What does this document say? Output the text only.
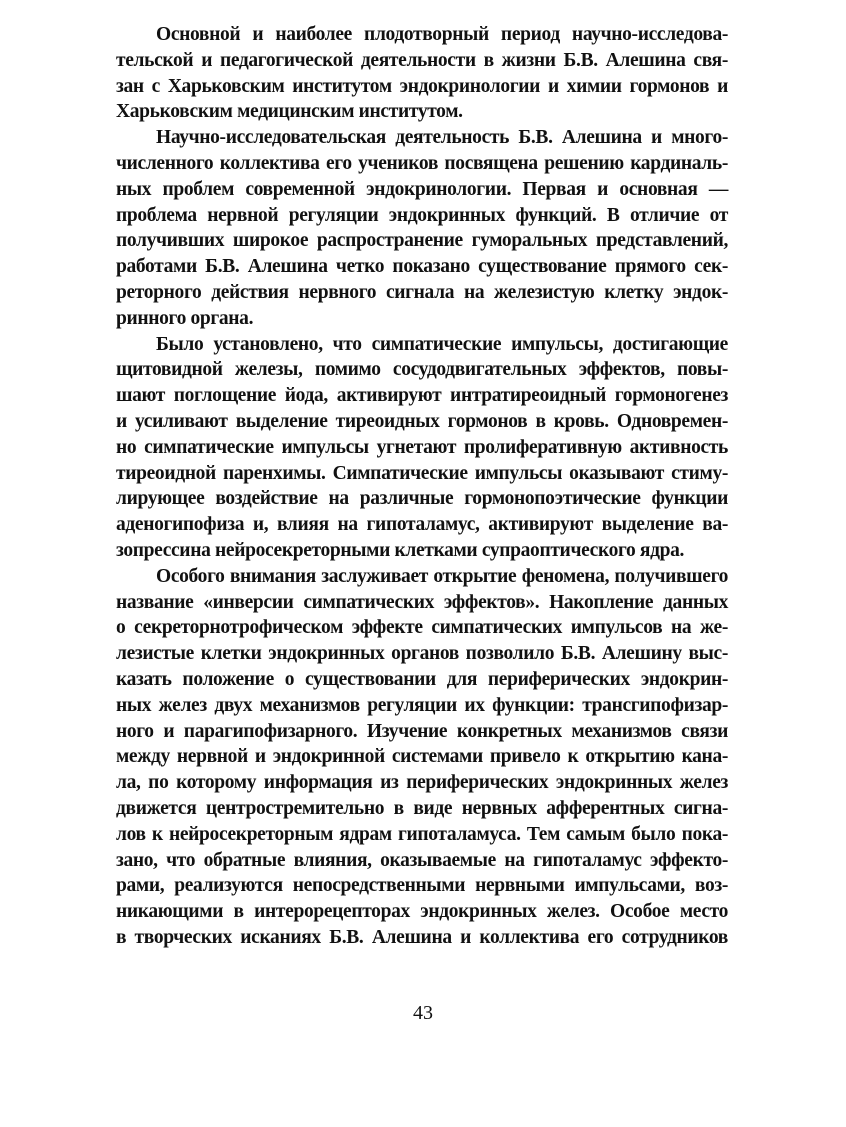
Основной и наиболее плодотворный период научно-исследова-
тельской и педагогической деятельности в жизни Б.В. Алешина свя-
зан с Харьковским институтом эндокринологии и химии гормонов и
Харьковским медицинским институтом.

Научно-исследовательская деятельность Б.В. Алешина и много-
численного коллектива его учеников посвящена решению кардиналь-
ных проблем современной эндокринологии. Первая и основная —
проблема нервной регуляции эндокринных функций. В отличие от
получивших широкое распространение гуморальных представлений,
работами Б.В. Алешина четко показано существование прямого сек-
реторного действия нервного сигнала на железистую клетку эндок-
ринного органа.

Было установлено, что симпатические импульсы, достигающие
щитовидной железы, помимо сосудодвигательных эффектов, повы-
шают поглощение йода, активируют интратиреоидный гормоногенез
и усиливают выделение тиреоидных гормонов в кровь. Одновремен-
но симпатические импульсы угнетают пролиферативную активность
тиреоидной паренхимы. Симпатические импульсы оказывают стиму-
лирующее воздействие на различные гормонопоэтические функции
аденогипофиза и, влияя на гипоталамус, активируют выделение ва-
зопрессина нейросекреторными клетками супраоптического ядра.

Особого внимания заслуживает открытие феномена, получившего
название «инверсии симпатических эффектов». Накопление данных
о секреторнотрофическом эффекте симпатических импульсов на же-
лезистые клетки эндокринных органов позволило Б.В. Алешину выс-
казать положение о существовании для периферических эндокрин-
ных желез двух механизмов регуляции их функции: трансгипофизар-
ного и парагипофизарного. Изучение конкретных механизмов связи
между нервной и эндокринной системами привело к открытию кана-
ла, по которому информация из периферических эндокринных желез
движется центростремительно в виде нервных афферентных сигна-
лов к нейросекреторным ядрам гипоталамуса. Тем самым было пока-
зано, что обратные влияния, оказываемые на гипоталамус эффекто-
рами, реализуются непосредственными нервными импульсами, воз-
никающими в интерорецепторах эндокринных желез. Особое место
в творческих исканиях Б.В. Алешина и коллектива его сотрудников

43
